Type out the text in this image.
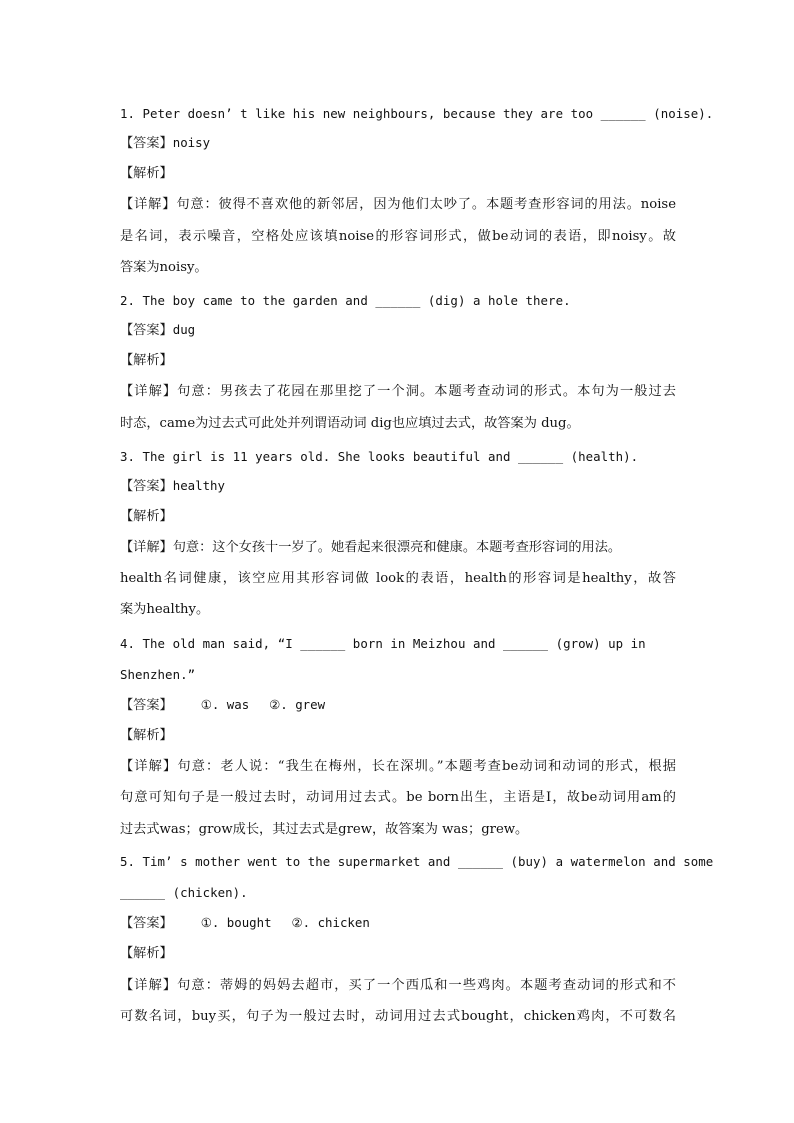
1. Peter doesn’ t like his new neighbours, because they are too ______ (noise).
【答案】noisy
【解析】
【详解】句意：彼得不喜欢他的新邻居，因为他们太吵了。本题考查形容词的用法。noise
是名词，表示噪音，空格处应该填noise的形容词形式，做be动词的表语，即noisy。故
答案为noisy。
2. The boy came to the garden and ______ (dig) a hole there.
【答案】dug
【解析】
【详解】句意：男孩去了花园在那里挖了一个洞。本题考查动词的形式。本句为一般过去
时态，came为过去式可此处并列谓语动词 dig也应填过去式，故答案为 dug。
3. The girl is 11 years old. She looks beautiful and ______ (health).
【答案】healthy
【解析】
【详解】句意：这个女孩十一岁了。她看起来很漂亮和健康。本题考查形容词的用法。
health名词健康，该空应用其形容词做 look的表语，health的形容词是healthy，故答
案为healthy。
4. The old man said, “I ______ born in Meizhou and ______ (grow) up in
Shenzhen.”
【答案】 ①. was ②. grew
【解析】
【详解】句意：老人说：“我生在梅州，长在深圳。”本题考查be动词和动词的形式，根据
句意可知句子是一般过去时，动词用过去式。be born出生，主语是I，故be动词用am的
过去式was；grow成长，其过去式是grew，故答案为 was；grew。
5. Tim’ s mother went to the supermarket and ______ (buy) a watermelon and some
______ (chicken).
【答案】 ①. bought ②. chicken
【解析】
【详解】句意：蒂姆的妈妈去超市，买了一个西瓜和一些鸡肉。本题考查动词的形式和不
可数名词，buy买，句子为一般过去时，动词用过去式bought，chicken鸡肉，不可数名
